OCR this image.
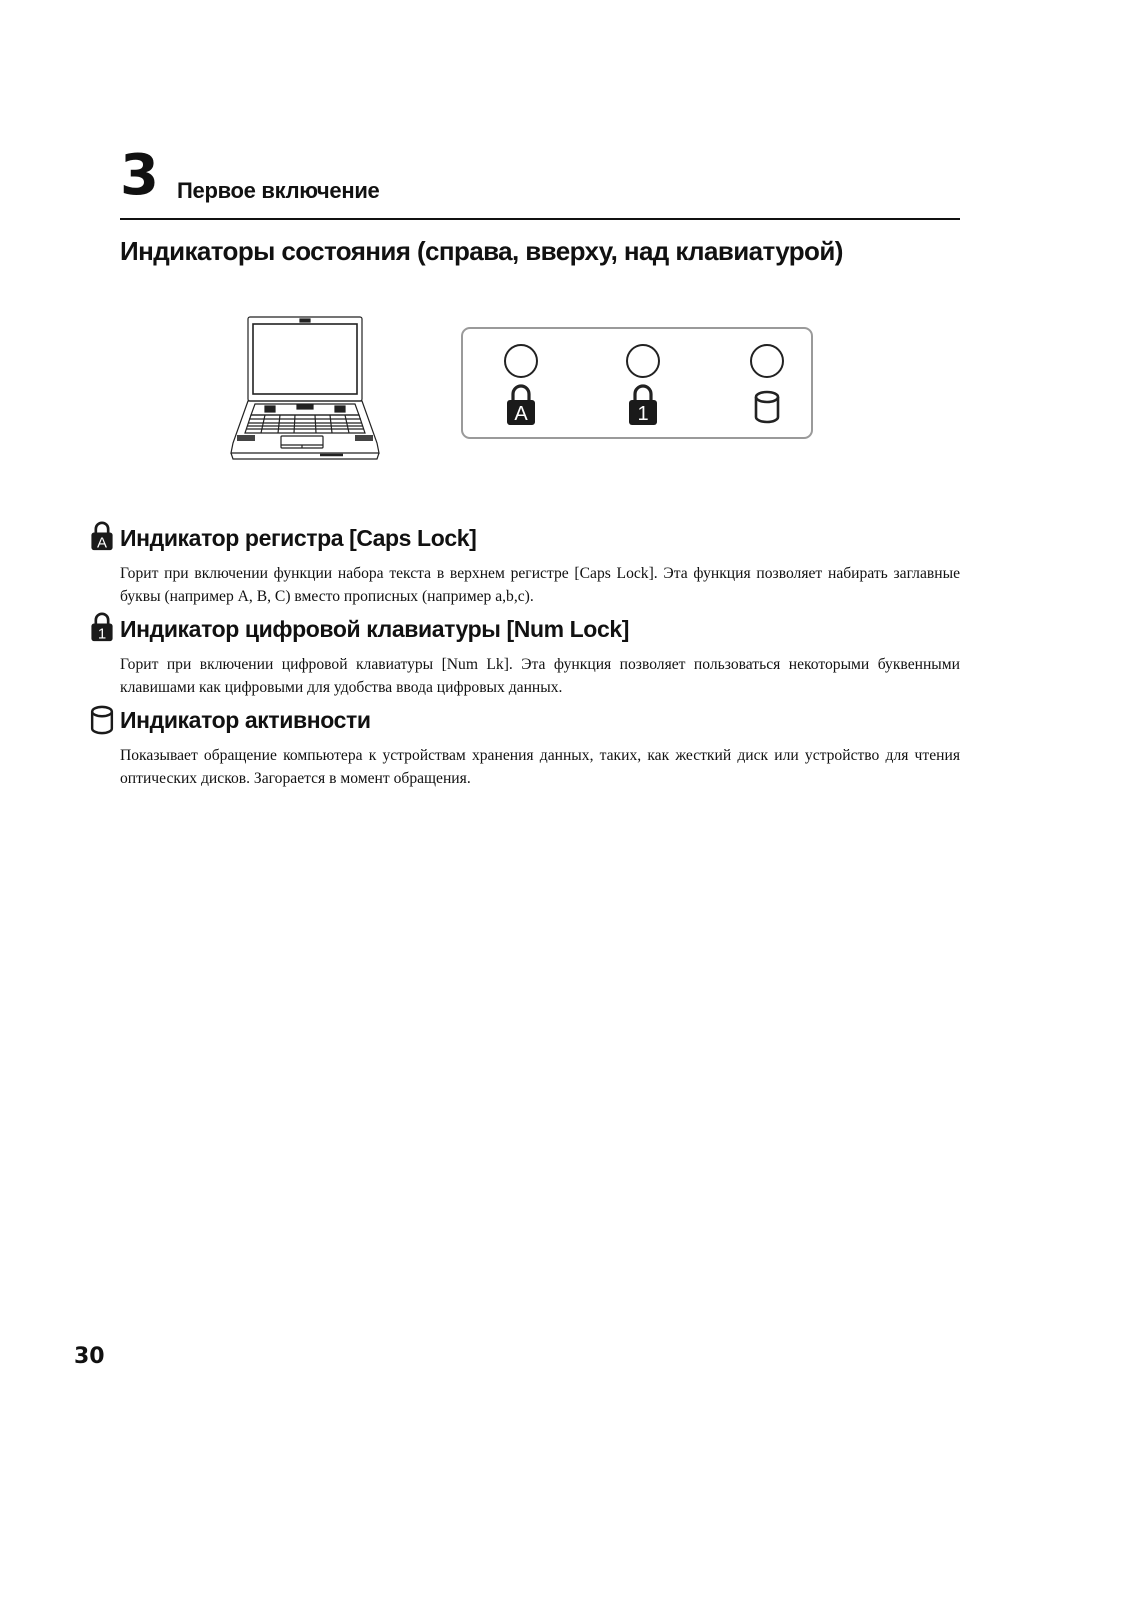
3 Первое включение
Индикаторы состояния (справа, вверху, над клавиатурой)
A	1
A Индикатор регистра [Caps Lock]
Горит при включении функции набора текста в верхнем регистре [Caps Lock]. Эта функция позволяет набирать заглавные буквы (например A, B, C) вместо прописных (например a,b,c).
1 Индикатор цифровой клавиатуры [Num Lock]
Горит при включении цифровой клавиатуры [Num Lk]. Эта функция позволяет пользоваться некоторыми буквенными клавишами как цифровыми для удобства ввода цифровых данных.
Индикатор активности
Показывает обращение компьютера к устройствам хранения данных, таких, как жесткий диск или устройство для чтения оптических дисков. Загорается в момент обращения.
30
